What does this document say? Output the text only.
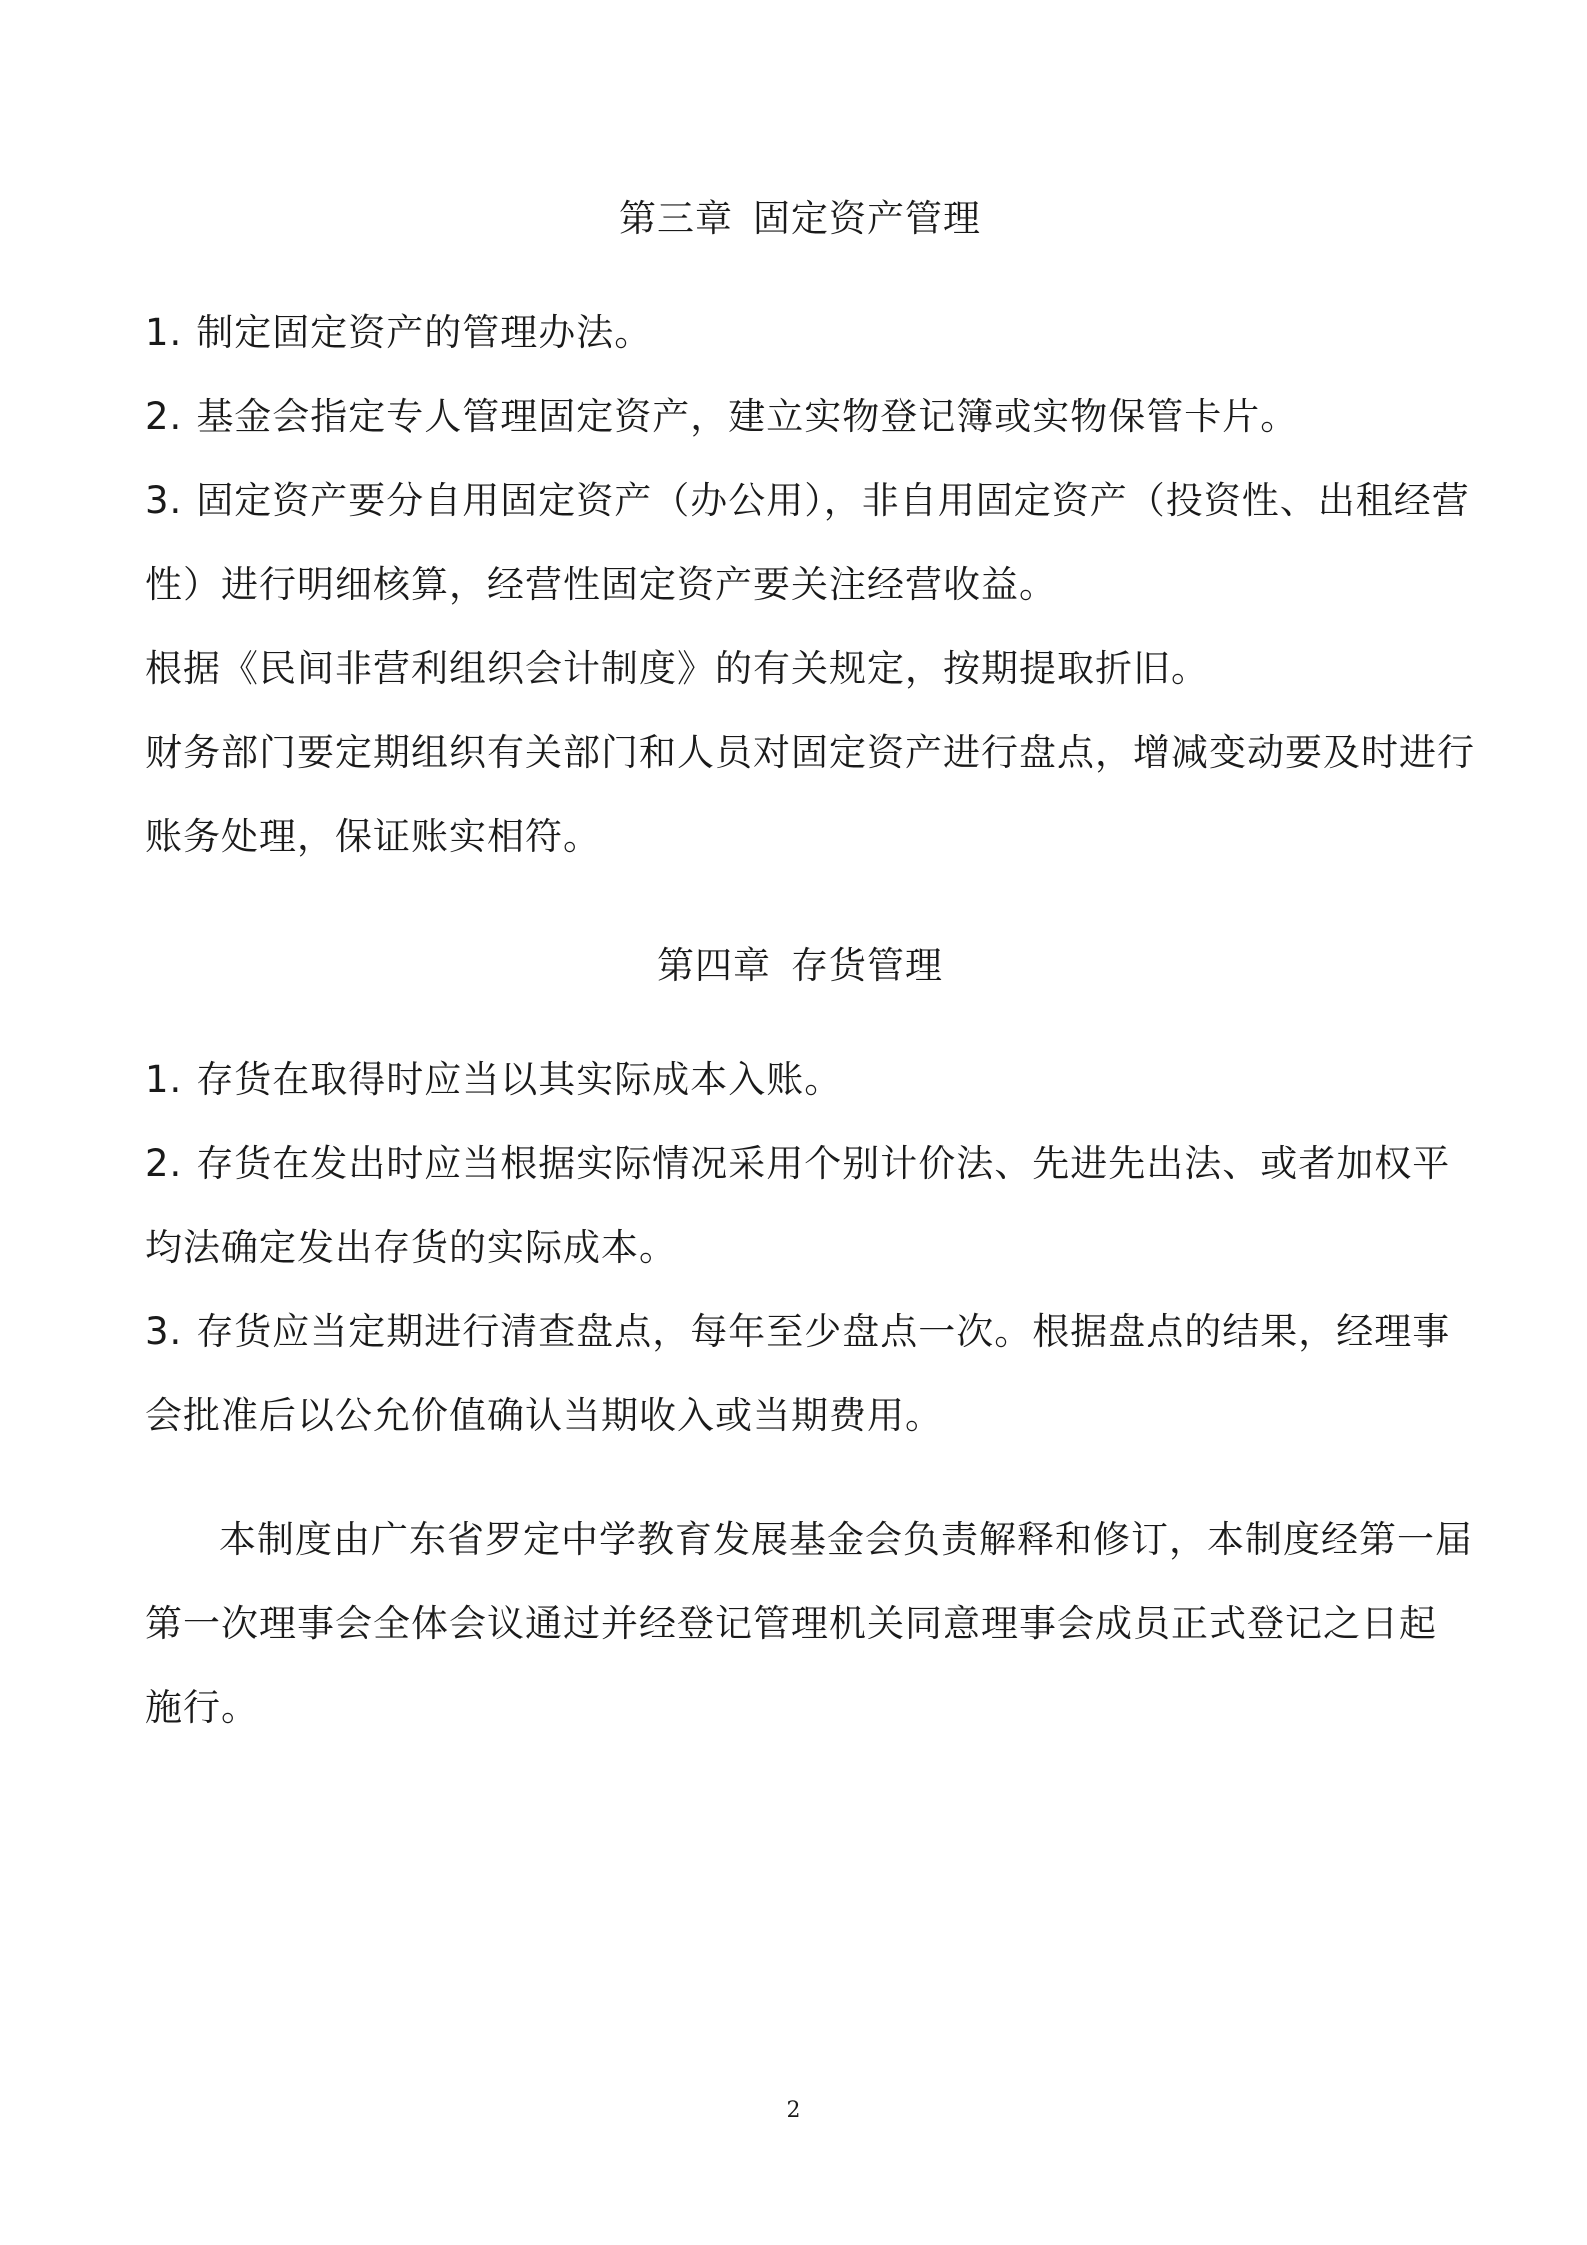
第三章 固定资产管理

1. 制定固定资产的管理办法。

2. 基金会指定专人管理固定资产，建立实物登记簿或实物保管卡片。

3. 固定资产要分自用固定资产（办公用），非自用固定资产（投资性、出租经营

性）进行明细核算，经营性固定资产要关注经营收益。

根据《民间非营利组织会计制度》的有关规定，按期提取折旧。

财务部门要定期组织有关部门和人员对固定资产进行盘点，增减变动要及时进行

账务处理，保证账实相符。

第四章 存货管理

1. 存货在取得时应当以其实际成本入账。

2. 存货在发出时应当根据实际情况采用个别计价法、先进先出法、或者加权平

均法确定发出存货的实际成本。

3. 存货应当定期进行清查盘点，每年至少盘点一次。根据盘点的结果，经理事

会批准后以公允价值确认当期收入或当期费用。

本制度由广东省罗定中学教育发展基金会负责解释和修订，本制度经第一届

第一次理事会全体会议通过并经登记管理机关同意理事会成员正式登记之日起

施行。

2
